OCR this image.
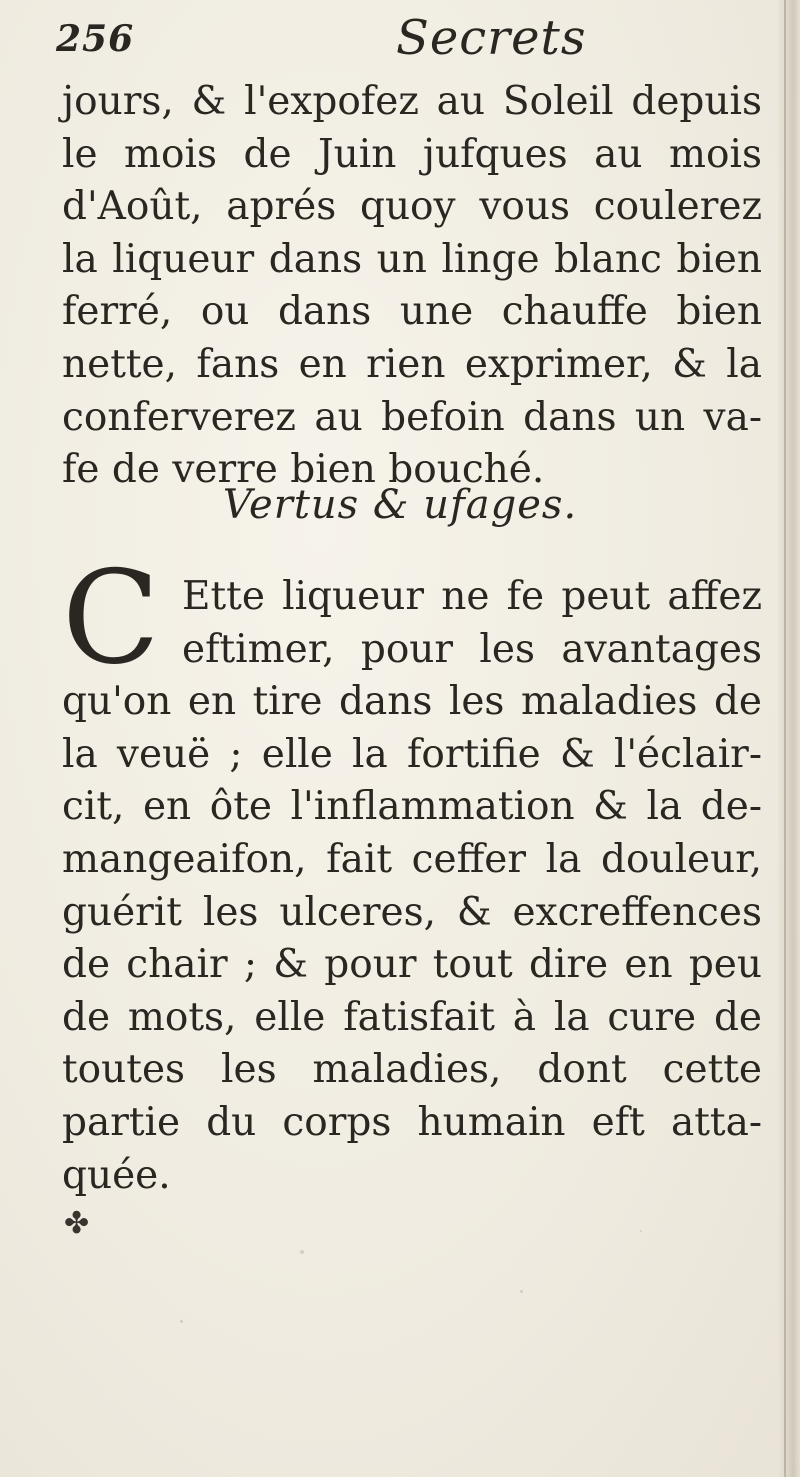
256	Secrets
jours, & l'expofez au Soleil depuis
le mois de Juin jufques au mois
d'Août, aprés quoy vous coulerez
la liqueur dans un linge blanc bien
ferré, ou dans une chauffe bien
nette, fans en rien exprimer, & la
conferverez au befoin dans un va-
fe de verre bien bouché.
Vertus & ufages.
C Ette liqueur ne fe peut affez
eftimer, pour les avantages
qu'on en tire dans les maladies de
la veuë ; elle la fortifie & l'éclair-
cit, en ôte l'inflammation & la de-
mangeaifon, fait ceffer la douleur,
guérit les ulceres, & excreffences
de chair ; & pour tout dire en peu
de mots, elle fatisfait à la cure de
toutes les maladies, dont cette
partie du corps humain eft atta-
quée.
✤
